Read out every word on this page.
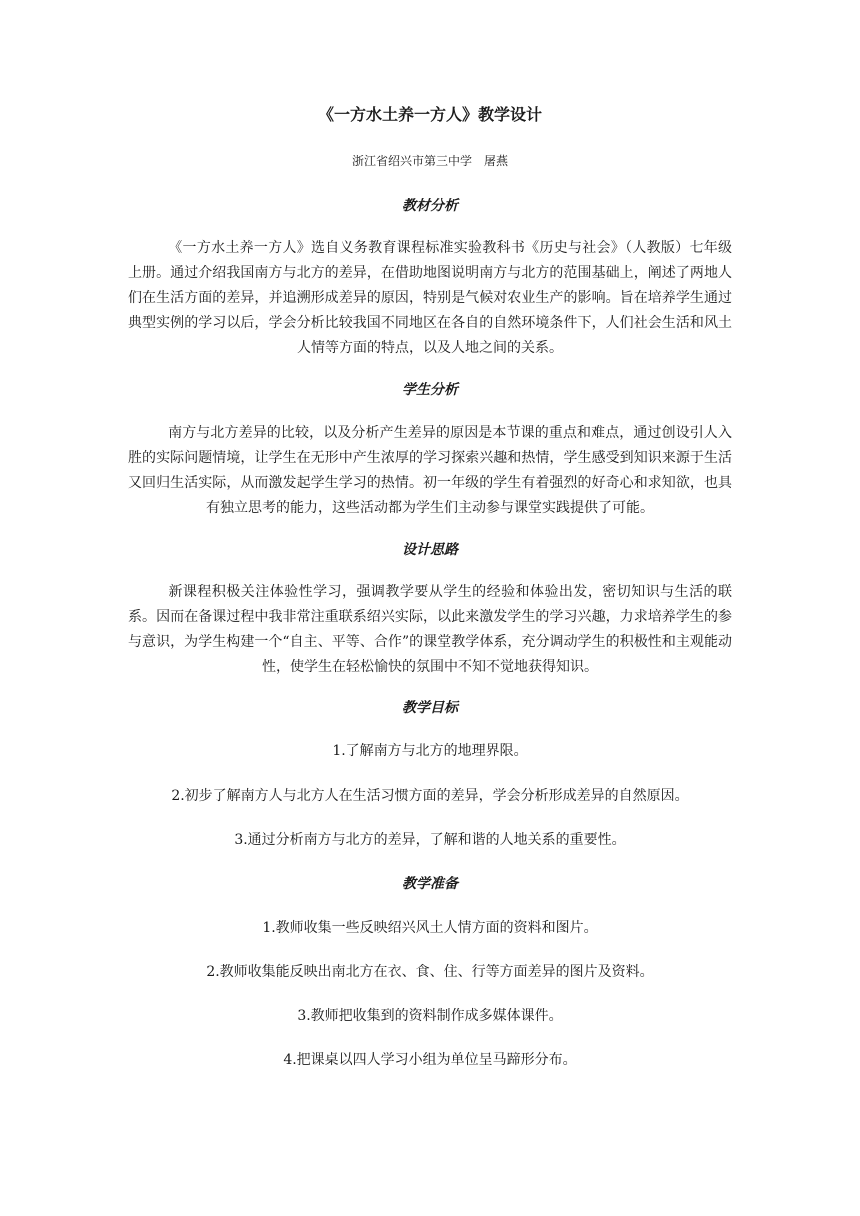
《一方水土养一方人》教学设计
浙江省绍兴市第三中学　屠燕
教材分析
《一方水土养一方人》选自义务教育课程标准实验教科书《历史与社会》（人教版）七年级上册。通过介绍我国南方与北方的差异，在借助地图说明南方与北方的范围基础上，阐述了两地人们在生活方面的差异，并追溯形成差异的原因，特别是气候对农业生产的影响。旨在培养学生通过典型实例的学习以后，学会分析比较我国不同地区在各自的自然环境条件下，人们社会生活和风土人情等方面的特点，以及人地之间的关系。
学生分析
南方与北方差异的比较，以及分析产生差异的原因是本节课的重点和难点，通过创设引人入胜的实际问题情境，让学生在无形中产生浓厚的学习探索兴趣和热情，学生感受到知识来源于生活又回归生活实际，从而激发起学生学习的热情。初一年级的学生有着强烈的好奇心和求知欲，也具有独立思考的能力，这些活动都为学生们主动参与课堂实践提供了可能。
设计思路
新课程积极关注体验性学习，强调教学要从学生的经验和体验出发，密切知识与生活的联系。因而在备课过程中我非常注重联系绍兴实际，以此来激发学生的学习兴趣，力求培养学生的参与意识，为学生构建一个“自主、平等、合作”的课堂教学体系，充分调动学生的积极性和主观能动性，使学生在轻松愉快的氛围中不知不觉地获得知识。
教学目标
1.了解南方与北方的地理界限。
2.初步了解南方人与北方人在生活习惯方面的差异，学会分析形成差异的自然原因。
3.通过分析南方与北方的差异，了解和谐的人地关系的重要性。
教学准备
1.教师收集一些反映绍兴风土人情方面的资料和图片。
2.教师收集能反映出南北方在衣、食、住、行等方面差异的图片及资料。
3.教师把收集到的资料制作成多媒体课件。
4.把课桌以四人学习小组为单位呈马蹄形分布。
